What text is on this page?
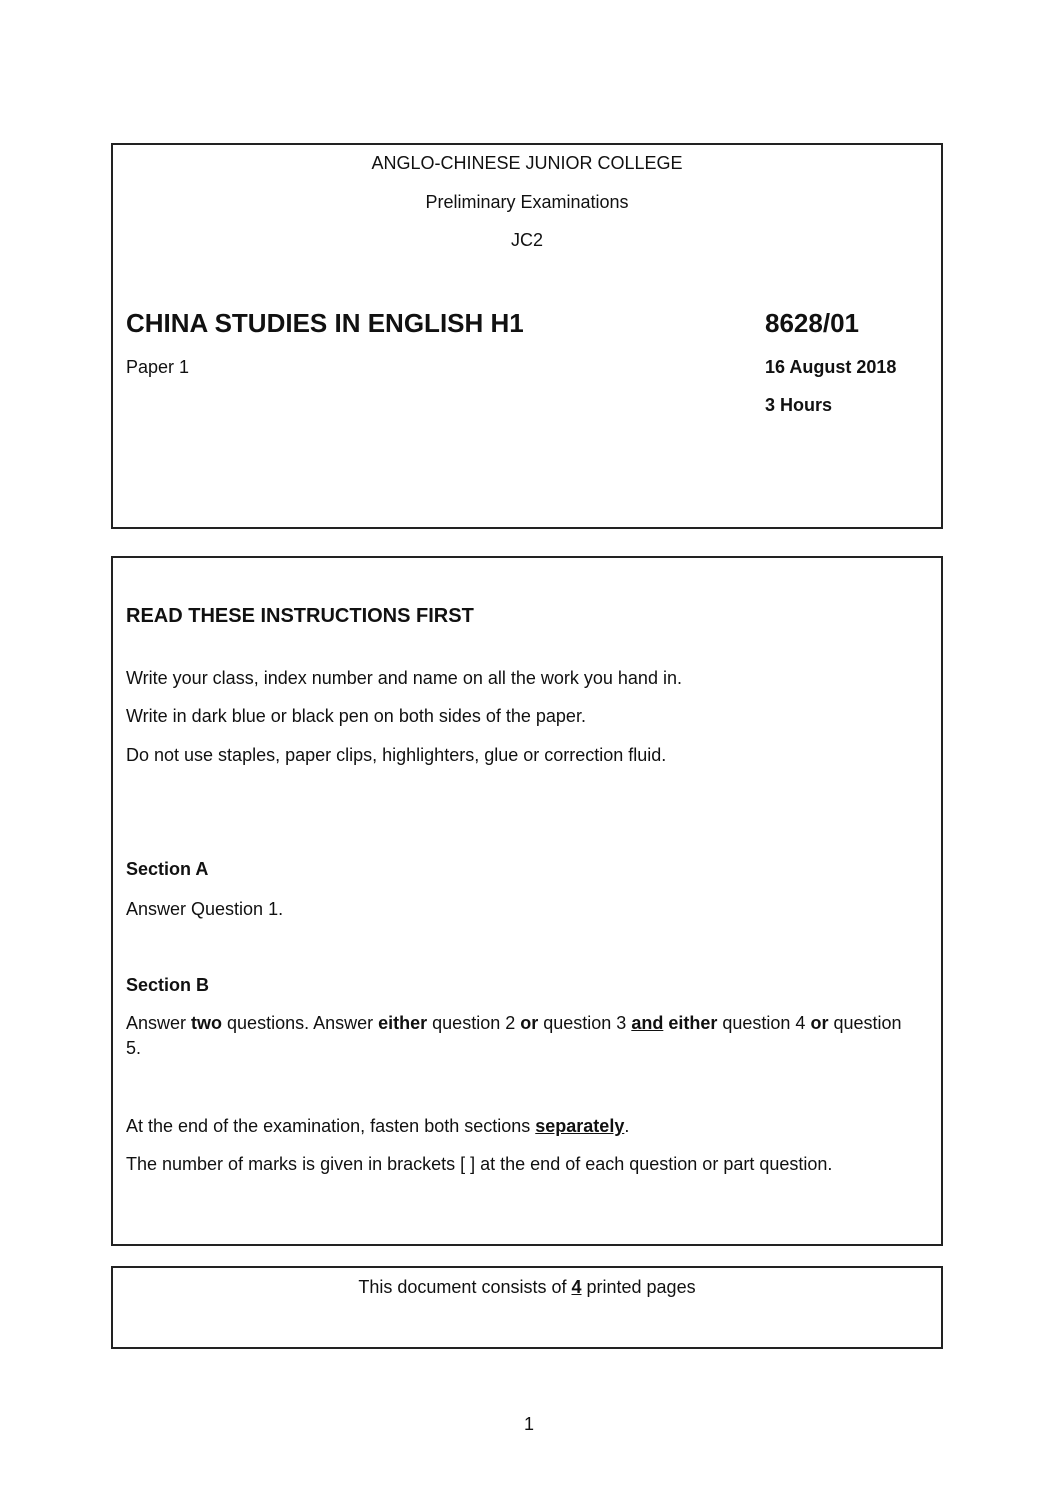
ANGLO-CHINESE JUNIOR COLLEGE
Preliminary Examinations
JC2
CHINA STUDIES IN ENGLISH H1	8628/01
Paper 1	16 August 2018
3 Hours
READ THESE INSTRUCTIONS FIRST
Write your class, index number and name on all the work you hand in.
Write in dark blue or black pen on both sides of the paper.
Do not use staples, paper clips, highlighters, glue or correction fluid.
Section A
Answer Question 1.
Section B
Answer two questions. Answer either question 2 or question 3 and either question 4 or question 5.
At the end of the examination, fasten both sections separately.
The number of marks is given in brackets [ ] at the end of each question or part question.
This document consists of 4 printed pages
1
